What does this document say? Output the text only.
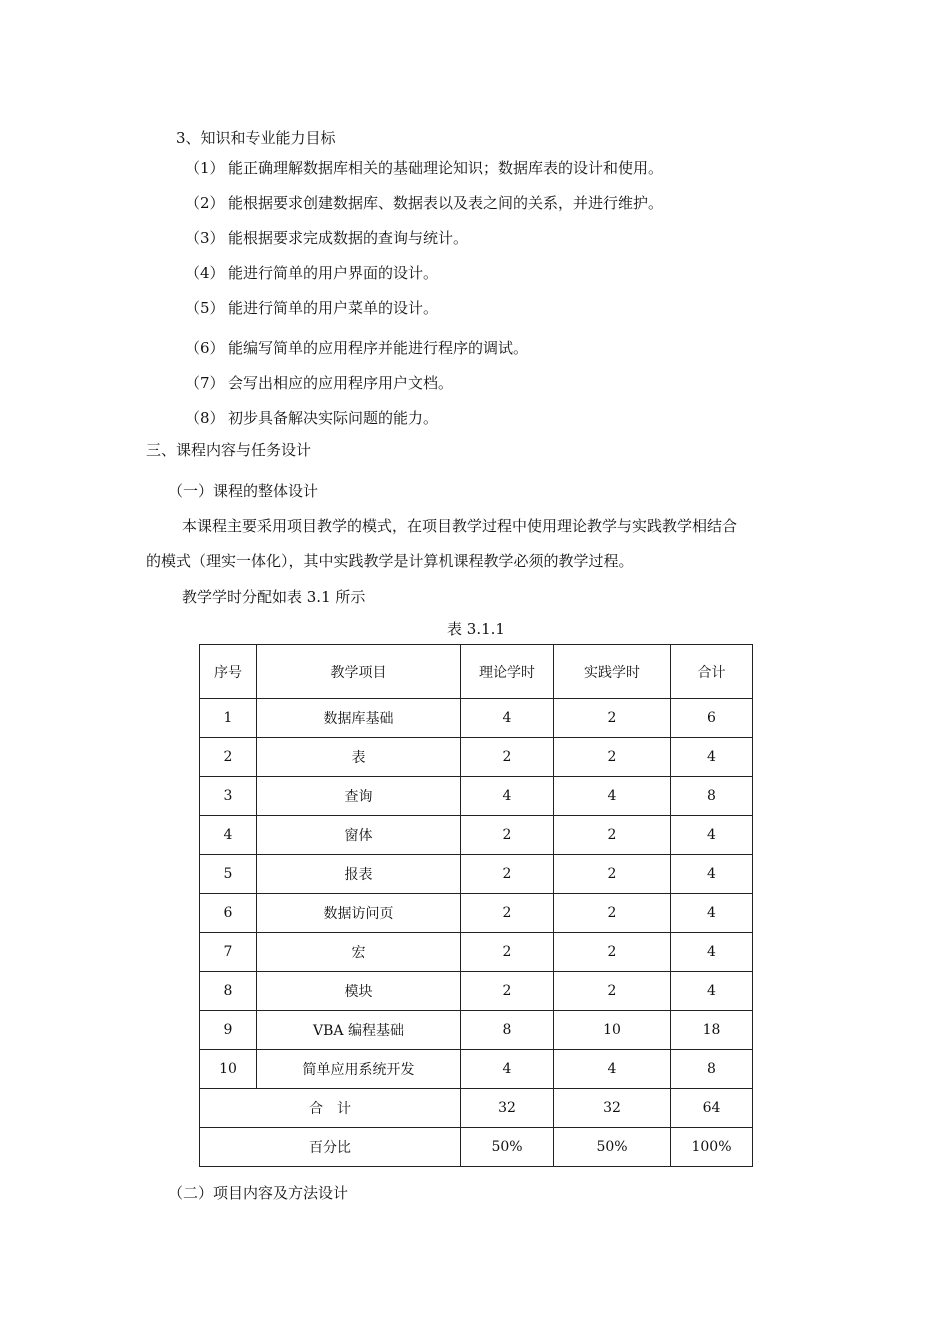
3、知识和专业能力目标
（1） 能正确理解数据库相关的基础理论知识；数据库表的设计和使用。
（2） 能根据要求创建数据库、数据表以及表之间的关系，并进行维护。
（3） 能根据要求完成数据的查询与统计。
（4） 能进行简单的用户界面的设计。
（5） 能进行简单的用户菜单的设计。
（6） 能编写简单的应用程序并能进行程序的调试。
（7） 会写出相应的应用程序用户文档。
（8） 初步具备解决实际问题的能力。
三、课程内容与任务设计
（一）课程的整体设计
本课程主要采用项目教学的模式，在项目教学过程中使用理论教学与实践教学相结合
的模式（理实一体化），其中实践教学是计算机课程教学必须的教学过程。
教学学时分配如表 3.1 所示
表 3.1.1
序号	教学项目	理论学时	实践学时	合计
1	数据库基础	4	2	6
2	表	2	2	4
3	查询	4	4	8
4	窗体	2	2	4
5	报表	2	2	4
6	数据访问页	2	2	4
7	宏	2	2	4
8	模块	2	2	4
9	VBA 编程基础	8	10	18
10	简单应用系统开发	4	4	8
合　计		32	32	64
百分比		50%	50%	100%
（二）项目内容及方法设计
